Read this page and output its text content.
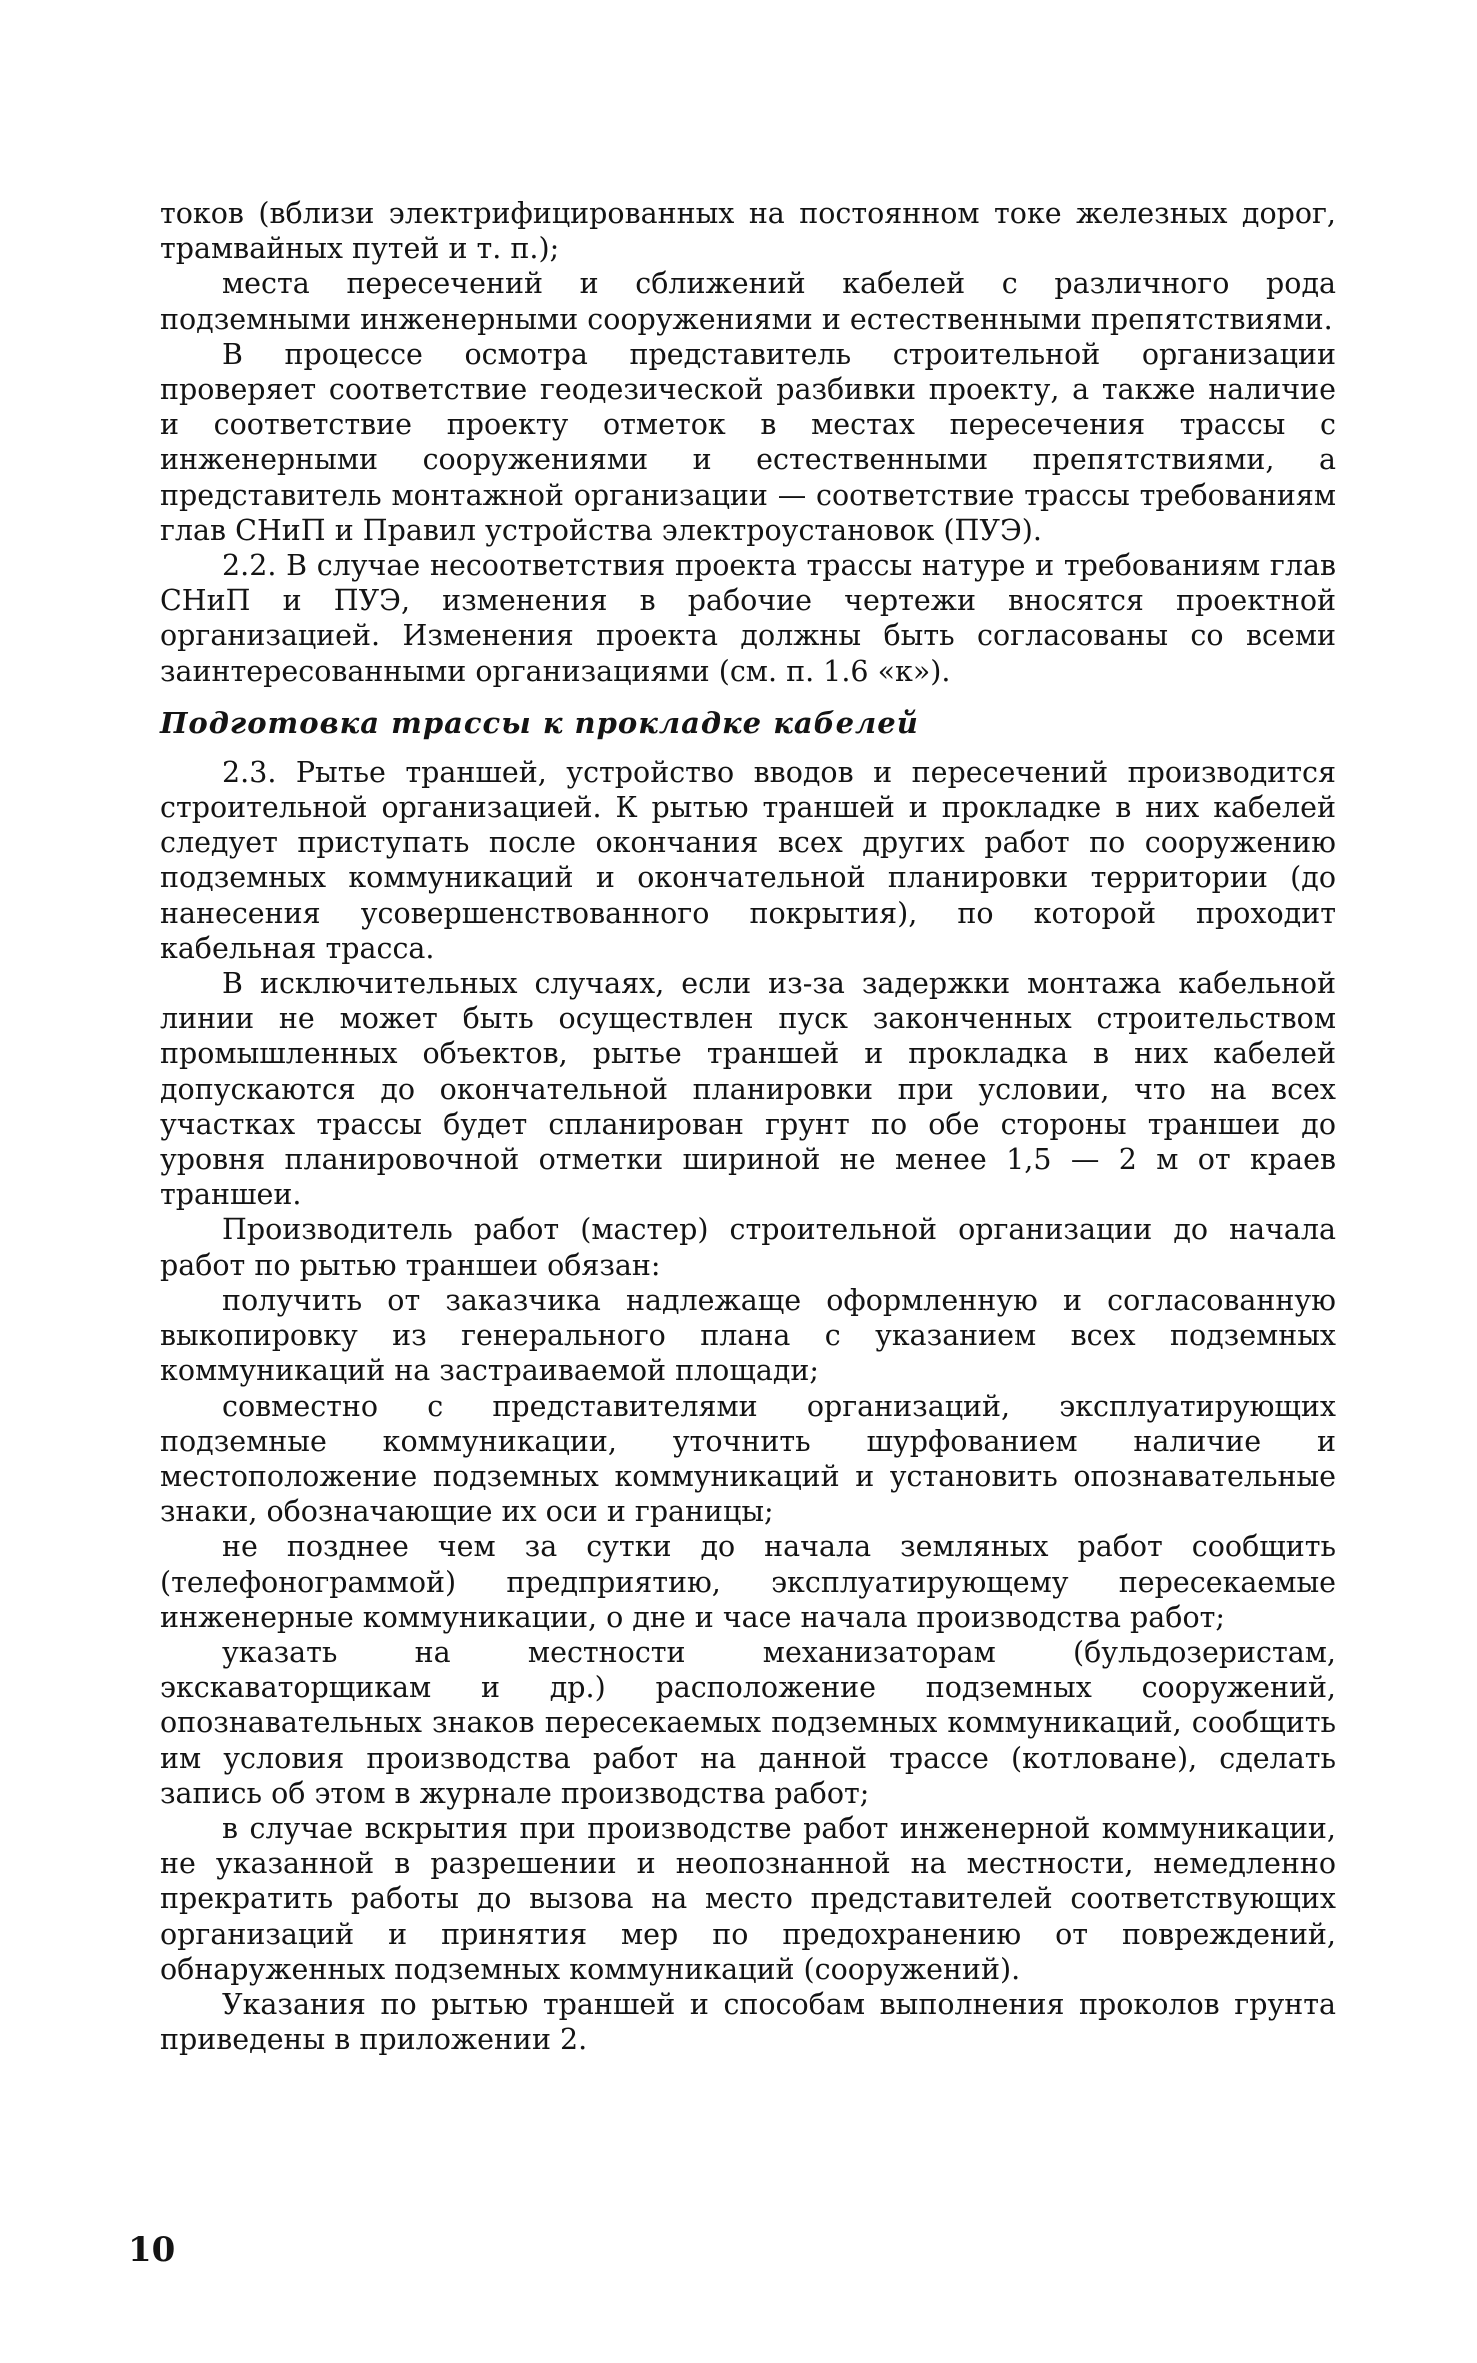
токов (вблизи электрифицированных на постоянном токе железных дорог, трамвайных путей и т. п.);

места пересечений и сближений кабелей с различного рода подземными инженерными сооружениями и естественными препятствиями.

В процессе осмотра представитель строительной организации проверяет соответствие геодезической разбивки проекту, а также наличие и соответствие проекту отметок в местах пересечения трассы с инженерными сооружениями и естественными препятствиями, а представитель монтажной организации — соответствие трассы требованиям глав СНиП и Правил устройства электроустановок (ПУЭ).

2.2. В случае несоответствия проекта трассы натуре и требованиям глав СНиП и ПУЭ, изменения в рабочие чертежи вносятся проектной организацией. Изменения проекта должны быть согласованы со всеми заинтересованными организациями (см. п. 1.6 «к»).

Подготовка трассы к прокладке кабелей

2.3. Рытье траншей, устройство вводов и пересечений производится строительной организацией. К рытью траншей и прокладке в них кабелей следует приступать после окончания всех других работ по сооружению подземных коммуникаций и окончательной планировки территории (до нанесения усовершенствованного покрытия), по которой проходит кабельная трасса.

В исключительных случаях, если из-за задержки монтажа кабельной линии не может быть осуществлен пуск законченных строительством промышленных объектов, рытье траншей и прокладка в них кабелей допускаются до окончательной планировки при условии, что на всех участках трассы будет спланирован грунт по обе стороны траншеи до уровня планировочной отметки шириной не менее 1,5 — 2 м от краев траншеи.

Производитель работ (мастер) строительной организации до начала работ по рытью траншеи обязан:

получить от заказчика надлежаще оформленную и согласованную выкопировку из генерального плана с указанием всех подземных коммуникаций на застраиваемой площади;

совместно с представителями организаций, эксплуатирующих подземные коммуникации, уточнить шурфованием наличие и местоположение подземных коммуникаций и установить опознавательные знаки, обозначающие их оси и границы;

не позднее чем за сутки до начала земляных работ сообщить (телефонограммой) предприятию, эксплуатирующему пересекаемые инженерные коммуникации, о дне и часе начала производства работ;

указать на местности механизаторам (бульдозеристам, экскаваторщикам и др.) расположение подземных сооружений, опознавательных знаков пересекаемых подземных коммуникаций, сообщить им условия производства работ на данной трассе (котловане), сделать запись об этом в журнале производства работ;

в случае вскрытия при производстве работ инженерной коммуникации, не указанной в разрешении и неопознанной на местности, немедленно прекратить работы до вызова на место представителей соответствующих организаций и принятия мер по предохранению от повреждений, обнаруженных подземных коммуникаций (сооружений).

Указания по рытью траншей и способам выполнения проколов грунта приведены в приложении 2.

10
